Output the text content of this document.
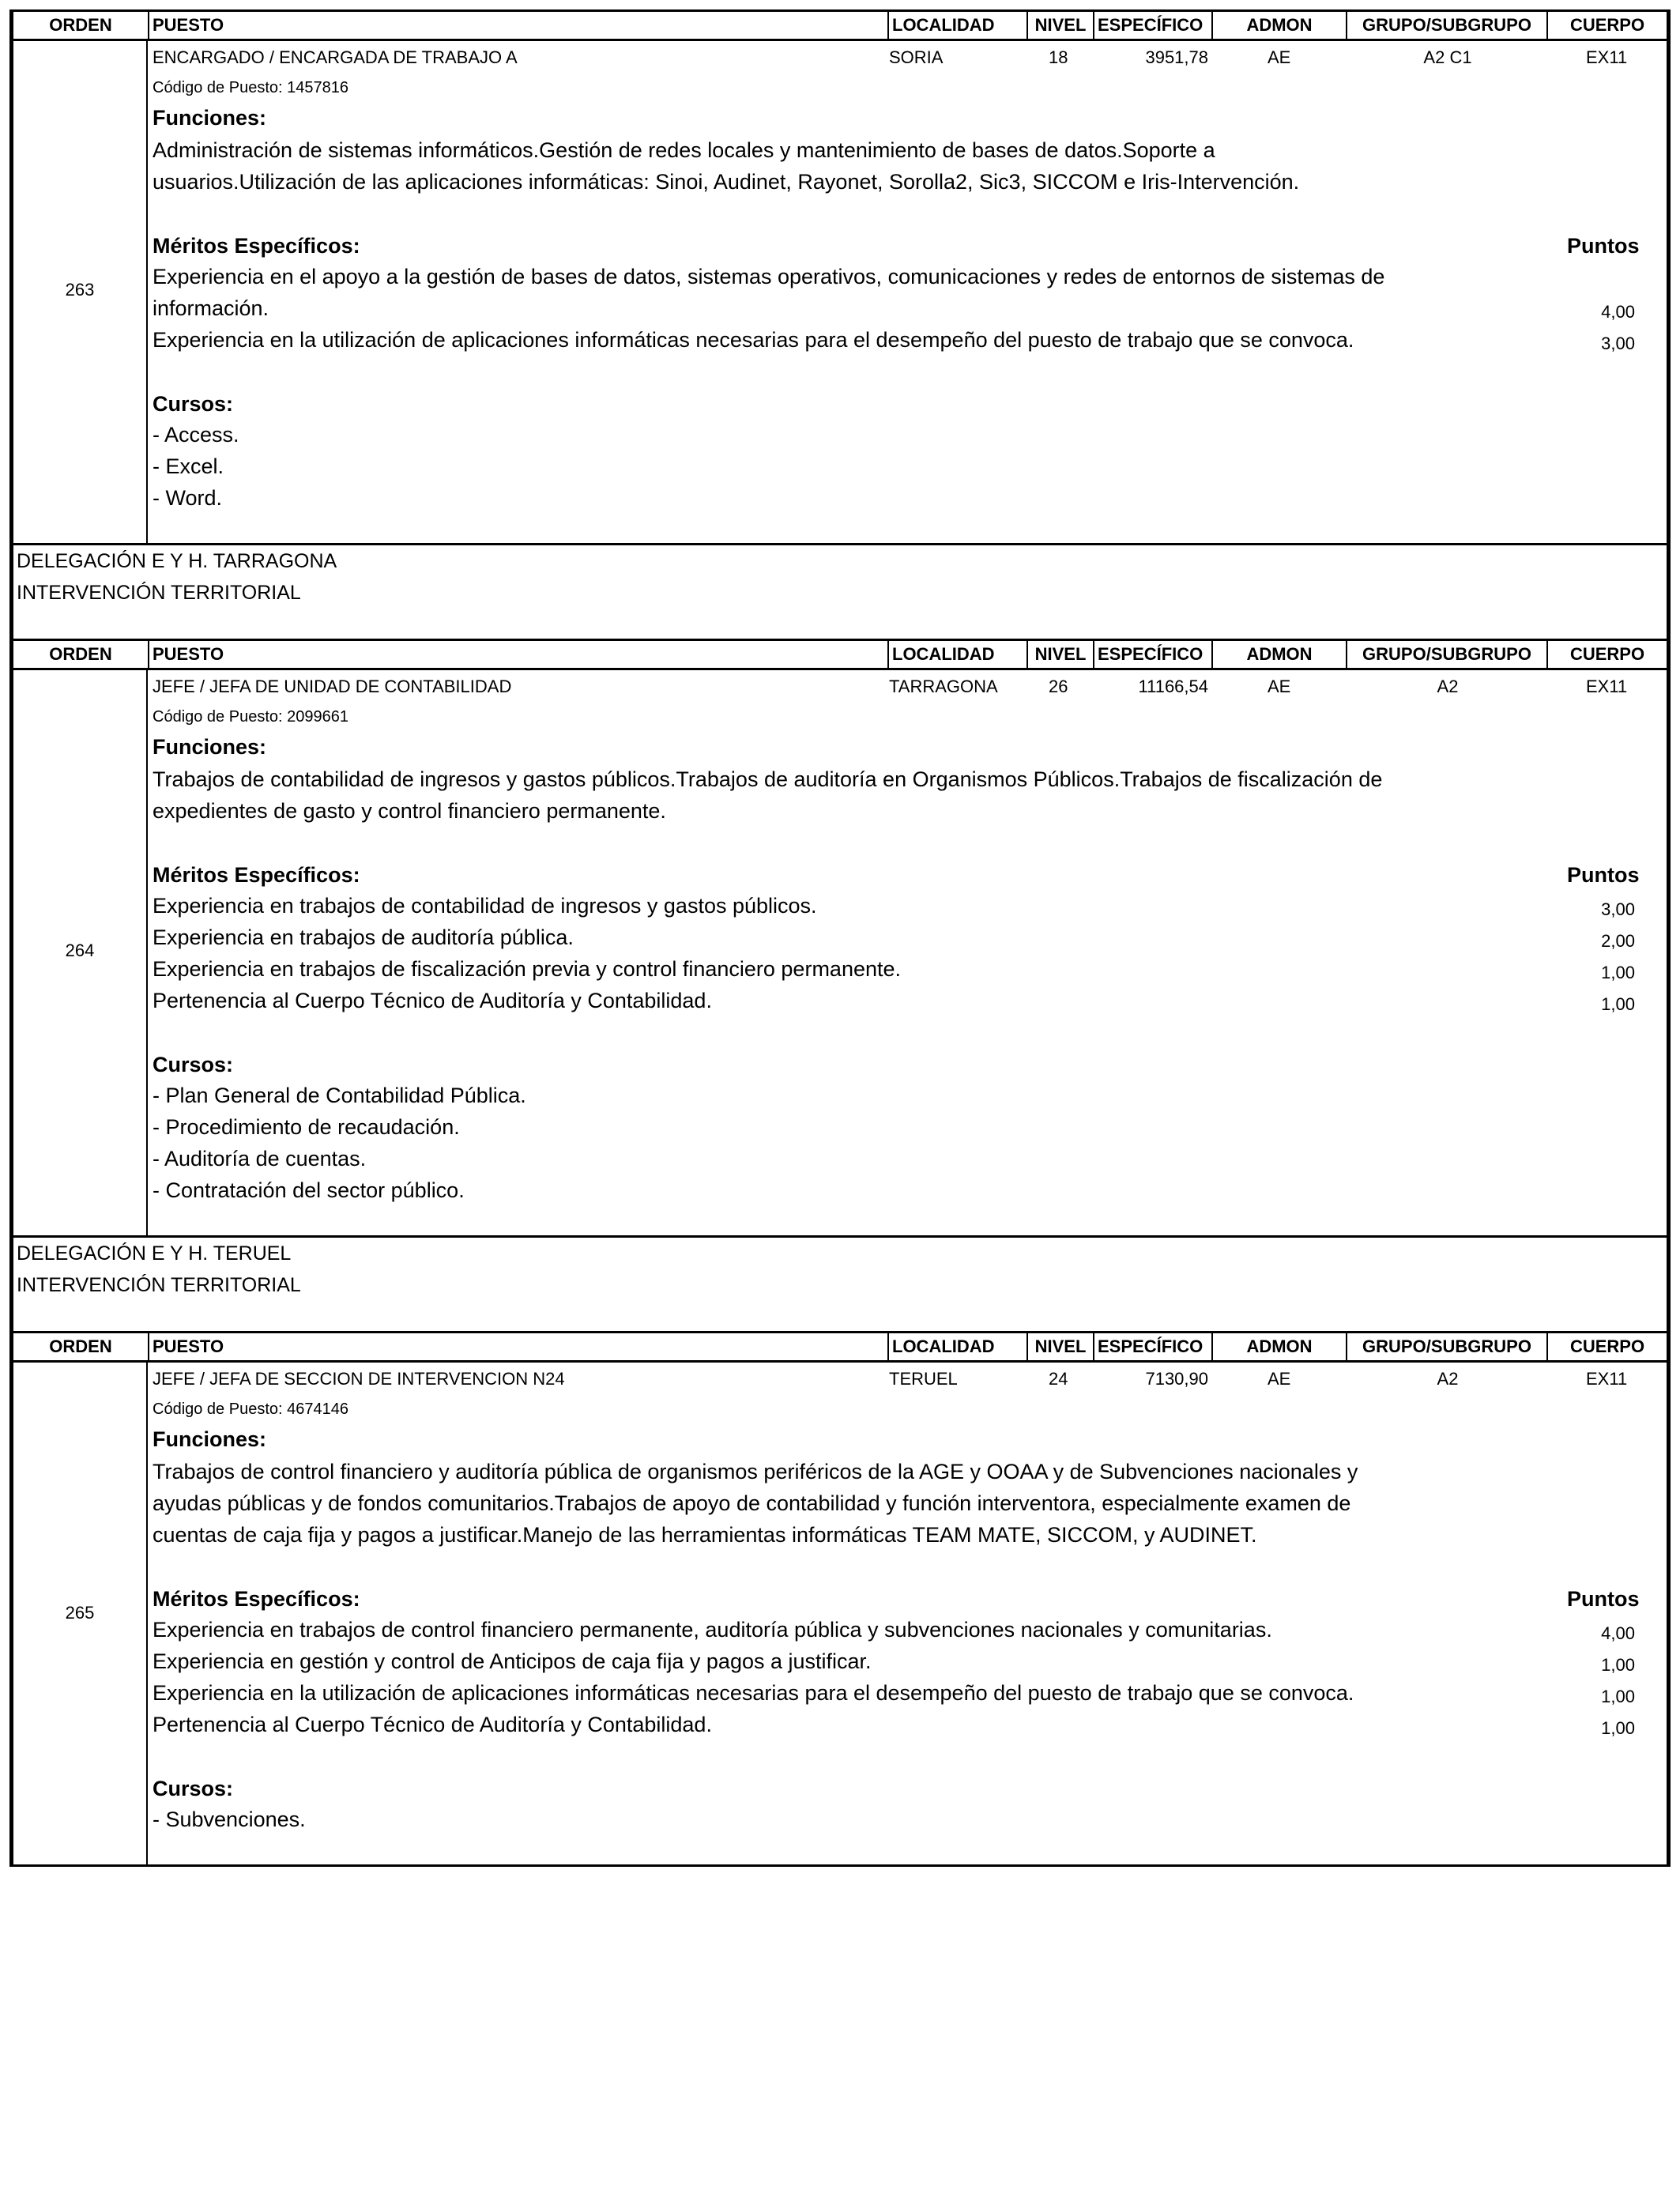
ORDEN	PUESTO	LOCALIDAD	NIVEL ESPECÍFICO	ADMON	GRUPO/SUBGRUPO	CUERPO
263
ENCARGADO / ENCARGADA DE TRABAJO A	SORIA	18	3951,78	AE	A2 C1	EX11
Código de Puesto: 1457816
Funciones:
Administración de sistemas informáticos.Gestión de redes locales y mantenimiento de bases de datos.Soporte a
usuarios.Utilización de las aplicaciones informáticas: Sinoi, Audinet, Rayonet, Sorolla2, Sic3, SICCOM e Iris-Intervención.
Méritos Específicos:	Puntos
Experiencia en el apoyo a la gestión de bases de datos, sistemas operativos, comunicaciones y redes de entornos de sistemas de
información.	4,00
Experiencia en la utilización de aplicaciones informáticas necesarias para el desempeño del puesto de trabajo que se convoca.	3,00
Cursos:
- Access.
- Excel.
- Word.
DELEGACIÓN E Y H. TARRAGONA
INTERVENCIÓN TERRITORIAL
ORDEN	PUESTO	LOCALIDAD	NIVEL ESPECÍFICO	ADMON	GRUPO/SUBGRUPO	CUERPO
264
JEFE / JEFA DE UNIDAD DE CONTABILIDAD	TARRAGONA	26	11166,54	AE	A2	EX11
Código de Puesto: 2099661
Funciones:
Trabajos de contabilidad de ingresos y gastos públicos.Trabajos de auditoría en Organismos Públicos.Trabajos de fiscalización de
expedientes de gasto y control financiero permanente.
Méritos Específicos:	Puntos
Experiencia en trabajos de contabilidad de ingresos y gastos públicos.	3,00
Experiencia en trabajos de auditoría pública.	2,00
Experiencia en trabajos de fiscalización previa y control financiero permanente.	1,00
Pertenencia al Cuerpo Técnico de Auditoría y Contabilidad.	1,00
Cursos:
- Plan General de Contabilidad Pública.
- Procedimiento de recaudación.
- Auditoría de cuentas.
- Contratación del sector público.
DELEGACIÓN E Y H. TERUEL
INTERVENCIÓN TERRITORIAL
ORDEN	PUESTO	LOCALIDAD	NIVEL ESPECÍFICO	ADMON	GRUPO/SUBGRUPO	CUERPO
265
JEFE / JEFA DE SECCION DE INTERVENCION N24	TERUEL	24	7130,90	AE	A2	EX11
Código de Puesto: 4674146
Funciones:
Trabajos de control financiero y auditoría pública de organismos periféricos de la AGE y OOAA y de Subvenciones nacionales y
ayudas públicas y de fondos comunitarios.Trabajos de apoyo de contabilidad y función interventora, especialmente examen de
cuentas de caja fija y pagos a justificar.Manejo de las herramientas informáticas TEAM MATE, SICCOM, y AUDINET.
Méritos Específicos:	Puntos
Experiencia en trabajos de control financiero permanente, auditoría pública y subvenciones nacionales y comunitarias.	4,00
Experiencia en gestión y control de Anticipos de caja fija y pagos a justificar.	1,00
Experiencia en la utilización de aplicaciones informáticas necesarias para el desempeño del puesto de trabajo que se convoca.	1,00
Pertenencia al Cuerpo Técnico de Auditoría y Contabilidad.	1,00
Cursos:
- Subvenciones.
